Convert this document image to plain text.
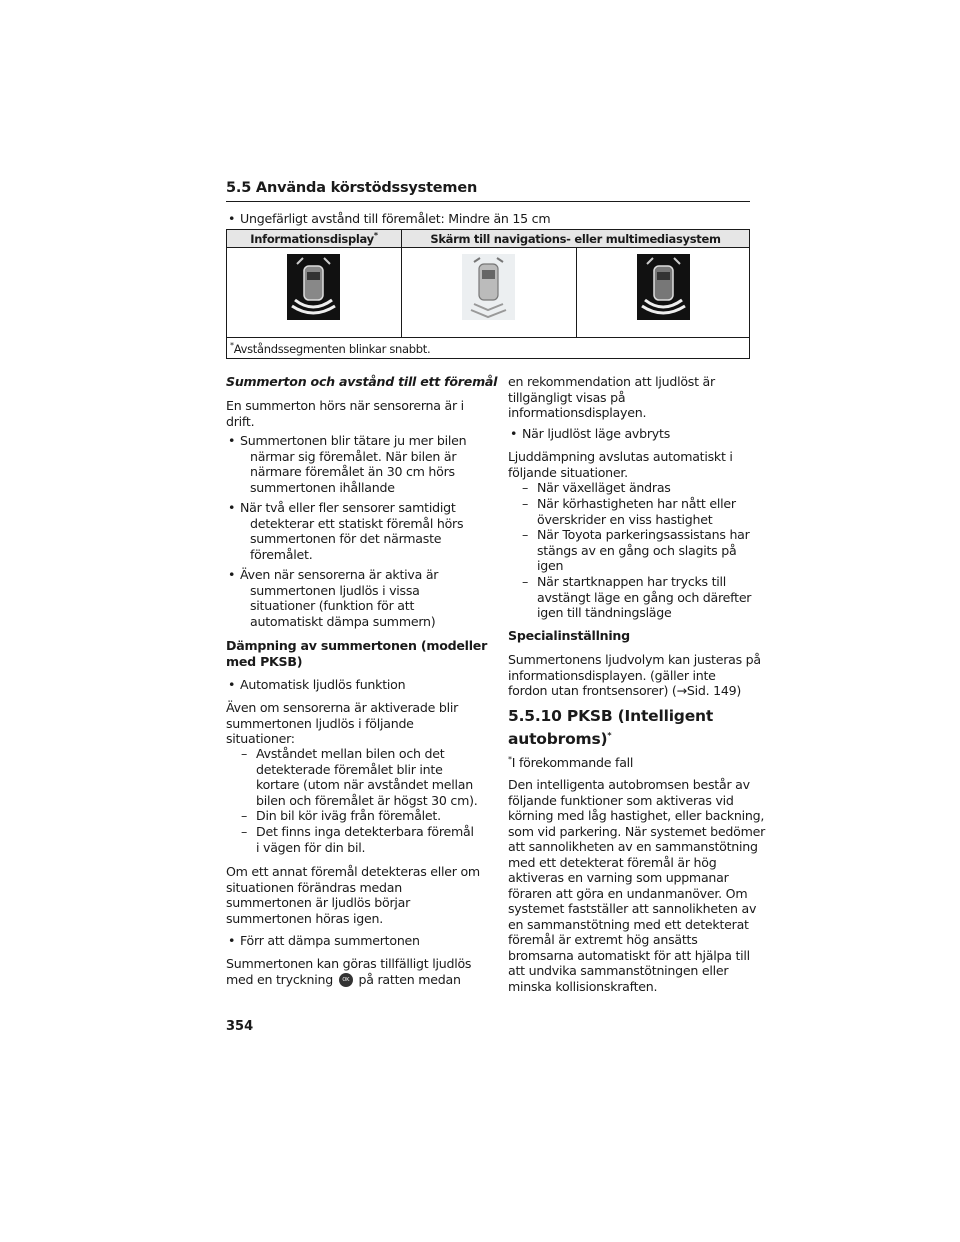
5.5 Använda körstödssystemen
• Ungefärligt avstånd till föremålet: Mindre än 15 cm
Informationsdisplay*	Skärm till navigations- eller multimediasystem	

*Avståndssegmenten blinkar snabbt.		
Summerton och avstånd till ett föremål
En summerton hörs när sensorerna är i
drift.
• Summertonen blir tätare ju mer bilen
närmar sig föremålet. När bilen är
närmare föremålet än 30 cm hörs
summertonen ihållande
• När två eller fler sensorer samtidigt
detekterar ett statiskt föremål hörs
summertonen för det närmaste
föremålet.
• Även när sensorerna är aktiva är
summertonen ljudlös i vissa
situationer (funktion för att
automatiskt dämpa summern)
Dämpning av summertonen (modeller
med PKSB)
• Automatisk ljudlös funktion
Även om sensorerna är aktiverade blir
summertonen ljudlös i följande
situationer:
– Avståndet mellan bilen och det
detekterade föremålet blir inte
kortare (utom när avståndet mellan
bilen och föremålet är högst 30 cm).
– Din bil kör iväg från föremålet.
– Det finns inga detekterbara föremål
i vägen för din bil.
Om ett annat föremål detekteras eller om
situationen förändras medan
summertonen är ljudlös börjar
summertonen höras igen.
• Förr att dämpa summertonen
Summertonen kan göras tillfälligt ljudlös
med en tryckning OK på ratten medan
en rekommendation att ljudlöst är
tillgängligt visas på
informationsdisplayen.
• När ljudlöst läge avbryts
Ljuddämpning avslutas automatiskt i
följande situationer.
– När växelläget ändras
– När körhastigheten har nått eller
överskrider en viss hastighet
– När Toyota parkeringsassistans har
stängs av en gång och slagits på
igen
– När startknappen har trycks till
avstängt läge en gång och därefter
igen till tändningsläge
Specialinställning
Summertonens ljudvolym kan justeras på
informationsdisplayen. (gäller inte
fordon utan frontsensorer) (→Sid. 149)
5.5.10 PKSB (Intelligent
autobroms)*
*I förekommande fall
Den intelligenta autobromsen består av
följande funktioner som aktiveras vid
körning med låg hastighet, eller backning,
som vid parkering. När systemet bedömer
att sannolikheten av en sammanstötning
med ett detekterat föremål är hög
aktiveras en varning som uppmanar
föraren att göra en undanmanöver. Om
systemet fastställer att sannolikheten av
en sammanstötning med ett detekterat
föremål är extremt hög ansätts
bromsarna automatiskt för att hjälpa till
att undvika sammanstötningen eller
minska kollisionskraften.
354
